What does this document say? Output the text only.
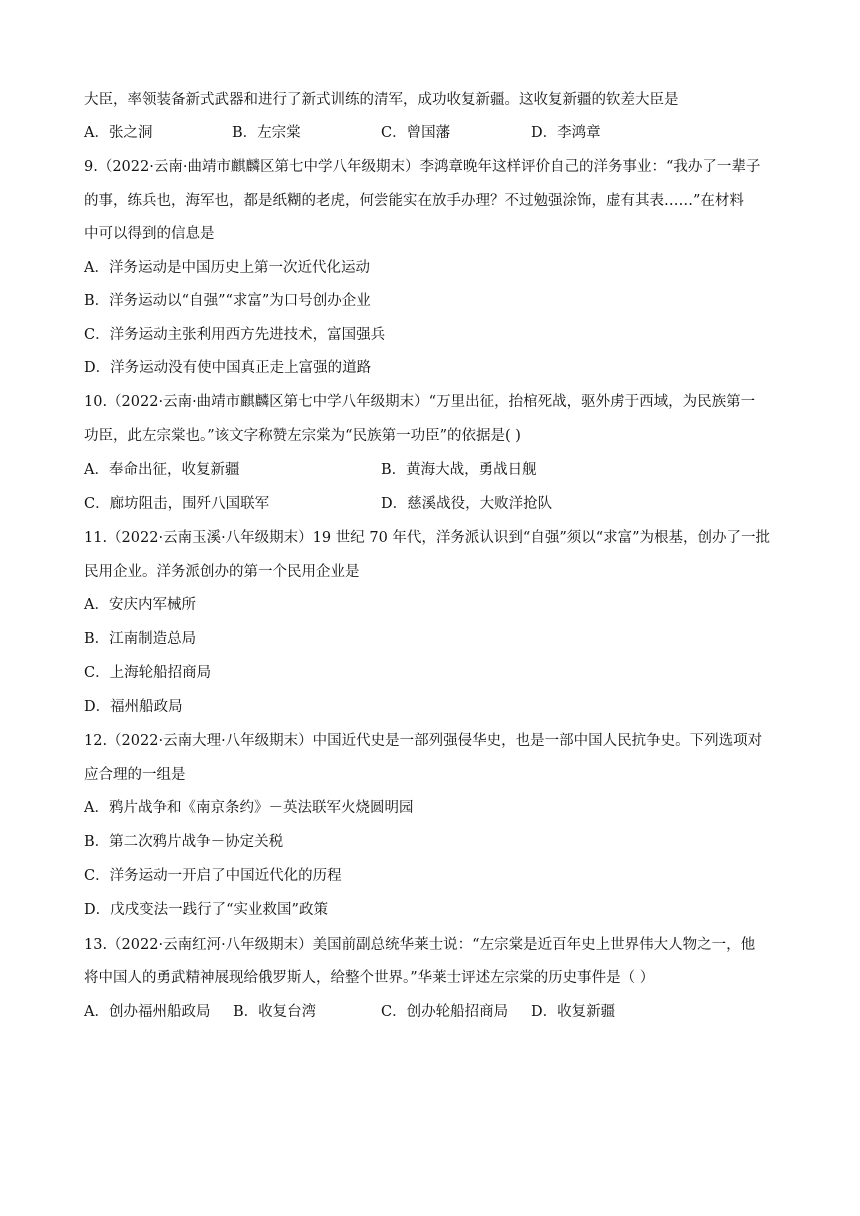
大臣，率领装备新式武器和进行了新式训练的清军，成功收复新疆。这收复新疆的钦差大臣是
A．张之洞	B．左宗棠	C．曾国藩	D．李鸿章
9.（2022·云南·曲靖市麒麟区第七中学八年级期末）李鸿章晚年这样评价自己的洋务事业：“我办了一辈子
的事，练兵也，海军也，都是纸糊的老虎，何尝能实在放手办理？不过勉强涂饰，虚有其表……”在材料
中可以得到的信息是
A．洋务运动是中国历史上第一次近代化运动
B．洋务运动以“自强”“求富”为口号创办企业
C．洋务运动主张利用西方先进技术，富国强兵
D．洋务运动没有使中国真正走上富强的道路
10.（2022·云南·曲靖市麒麟区第七中学八年级期末）“万里出征，抬棺死战，驱外虏于西域，为民族第一
功臣，此左宗棠也。”该文字称赞左宗棠为“民族第一功臣”的依据是( )
A．奉命出征，收复新疆	B．黄海大战，勇战日舰
C．廊坊阻击，围歼八国联军	D．慈溪战役，大败洋抢队
11.（2022·云南玉溪·八年级期末）19 世纪 70 年代，洋务派认识到“自强”须以“求富”为根基，创办了一批
民用企业。洋务派创办的第一个民用企业是
A．安庆内军械所
B．江南制造总局
C．上海轮船招商局
D．福州船政局
12.（2022·云南大理·八年级期末）中国近代史是一部列强侵华史，也是一部中国人民抗争史。下列选项对
应合理的一组是
A．鸦片战争和《南京条约》－英法联军火烧圆明园
B．第二次鸦片战争－协定关税
C．洋务运动一开启了中国近代化的历程
D．戊戌变法一践行了“实业救国”政策
13.（2022·云南红河·八年级期末）美国前副总统华莱士说：“左宗棠是近百年史上世界伟大人物之一，他
将中国人的勇武精神展现给俄罗斯人，给整个世界。”华莱士评述左宗棠的历史事件是（ ）
A．创办福州船政局 B．收复台湾	C．创办轮船招商局 D．收复新疆
